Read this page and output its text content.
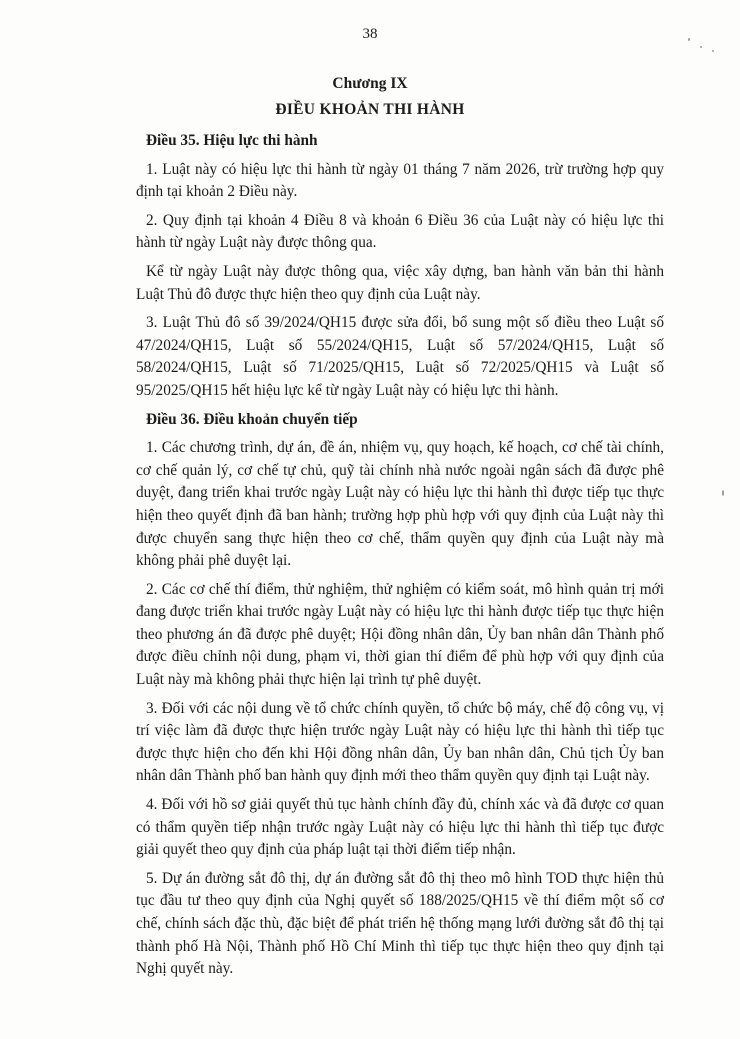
38
Chương IX
ĐIỀU KHOẢN THI HÀNH
Điều 35. Hiệu lực thi hành
1. Luật này có hiệu lực thi hành từ ngày 01 tháng 7 năm 2026, trừ trường hợp quy định tại khoản 2 Điều này.
2. Quy định tại khoản 4 Điều 8 và khoản 6 Điều 36 của Luật này có hiệu lực thi hành từ ngày Luật này được thông qua.
Kể từ ngày Luật này được thông qua, việc xây dựng, ban hành văn bản thi hành Luật Thủ đô được thực hiện theo quy định của Luật này.
3. Luật Thủ đô số 39/2024/QH15 được sửa đổi, bổ sung một số điều theo Luật số 47/2024/QH15, Luật số 55/2024/QH15, Luật số 57/2024/QH15, Luật số 58/2024/QH15, Luật số 71/2025/QH15, Luật số 72/2025/QH15 và Luật số 95/2025/QH15 hết hiệu lực kể từ ngày Luật này có hiệu lực thi hành.
Điều 36. Điều khoản chuyển tiếp
1. Các chương trình, dự án, đề án, nhiệm vụ, quy hoạch, kế hoạch, cơ chế tài chính, cơ chế quản lý, cơ chế tự chủ, quỹ tài chính nhà nước ngoài ngân sách đã được phê duyệt, đang triển khai trước ngày Luật này có hiệu lực thi hành thì được tiếp tục thực hiện theo quyết định đã ban hành; trường hợp phù hợp với quy định của Luật này thì được chuyển sang thực hiện theo cơ chế, thẩm quyền quy định của Luật này mà không phải phê duyệt lại.
2. Các cơ chế thí điểm, thử nghiệm, thử nghiệm có kiểm soát, mô hình quản trị mới đang được triển khai trước ngày Luật này có hiệu lực thi hành được tiếp tục thực hiện theo phương án đã được phê duyệt; Hội đồng nhân dân, Ủy ban nhân dân Thành phố được điều chỉnh nội dung, phạm vi, thời gian thí điểm để phù hợp với quy định của Luật này mà không phải thực hiện lại trình tự phê duyệt.
3. Đối với các nội dung về tổ chức chính quyền, tổ chức bộ máy, chế độ công vụ, vị trí việc làm đã được thực hiện trước ngày Luật này có hiệu lực thi hành thì tiếp tục được thực hiện cho đến khi Hội đồng nhân dân, Ủy ban nhân dân, Chủ tịch Ủy ban nhân dân Thành phố ban hành quy định mới theo thẩm quyền quy định tại Luật này.
4. Đối với hồ sơ giải quyết thủ tục hành chính đầy đủ, chính xác và đã được cơ quan có thẩm quyền tiếp nhận trước ngày Luật này có hiệu lực thi hành thì tiếp tục được giải quyết theo quy định của pháp luật tại thời điểm tiếp nhận.
5. Dự án đường sắt đô thị, dự án đường sắt đô thị theo mô hình TOD thực hiện thủ tục đầu tư theo quy định của Nghị quyết số 188/2025/QH15 về thí điểm một số cơ chế, chính sách đặc thù, đặc biệt để phát triển hệ thống mạng lưới đường sắt đô thị tại thành phố Hà Nội, Thành phố Hồ Chí Minh thì tiếp tục thực hiện theo quy định tại Nghị quyết này.
